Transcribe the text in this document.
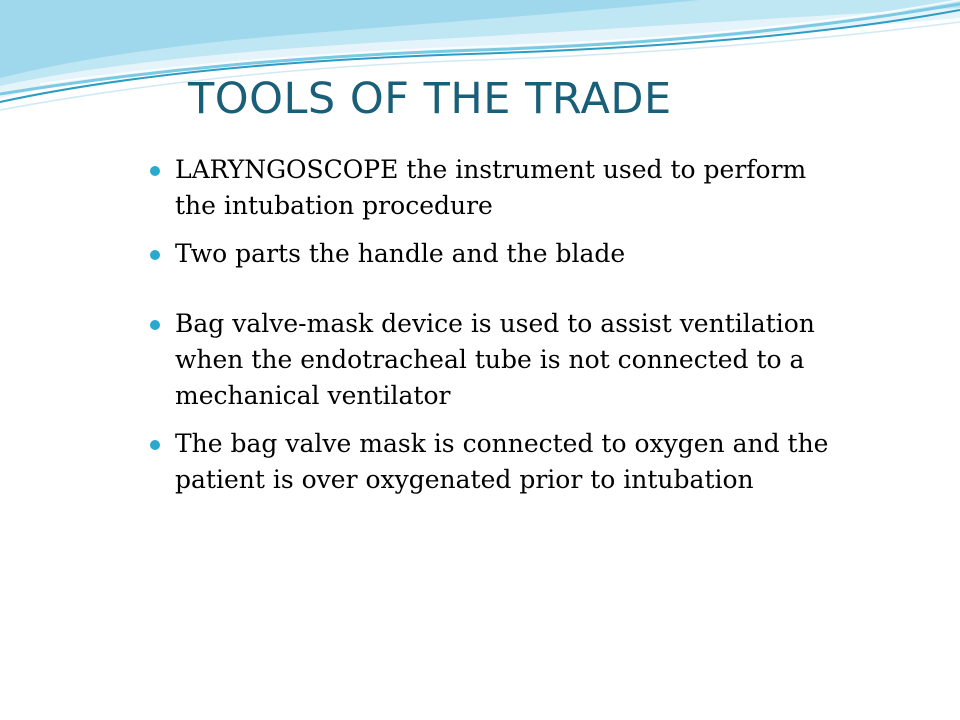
TOOLS OF THE TRADE
LARYNGOSCOPE the instrument used to perform the intubation procedure
Two parts the handle and the blade
Bag valve-mask device is used to assist ventilation when the endotracheal tube is not connected to a mechanical ventilator
The bag valve mask is connected to oxygen and the patient is over oxygenated prior to intubation
